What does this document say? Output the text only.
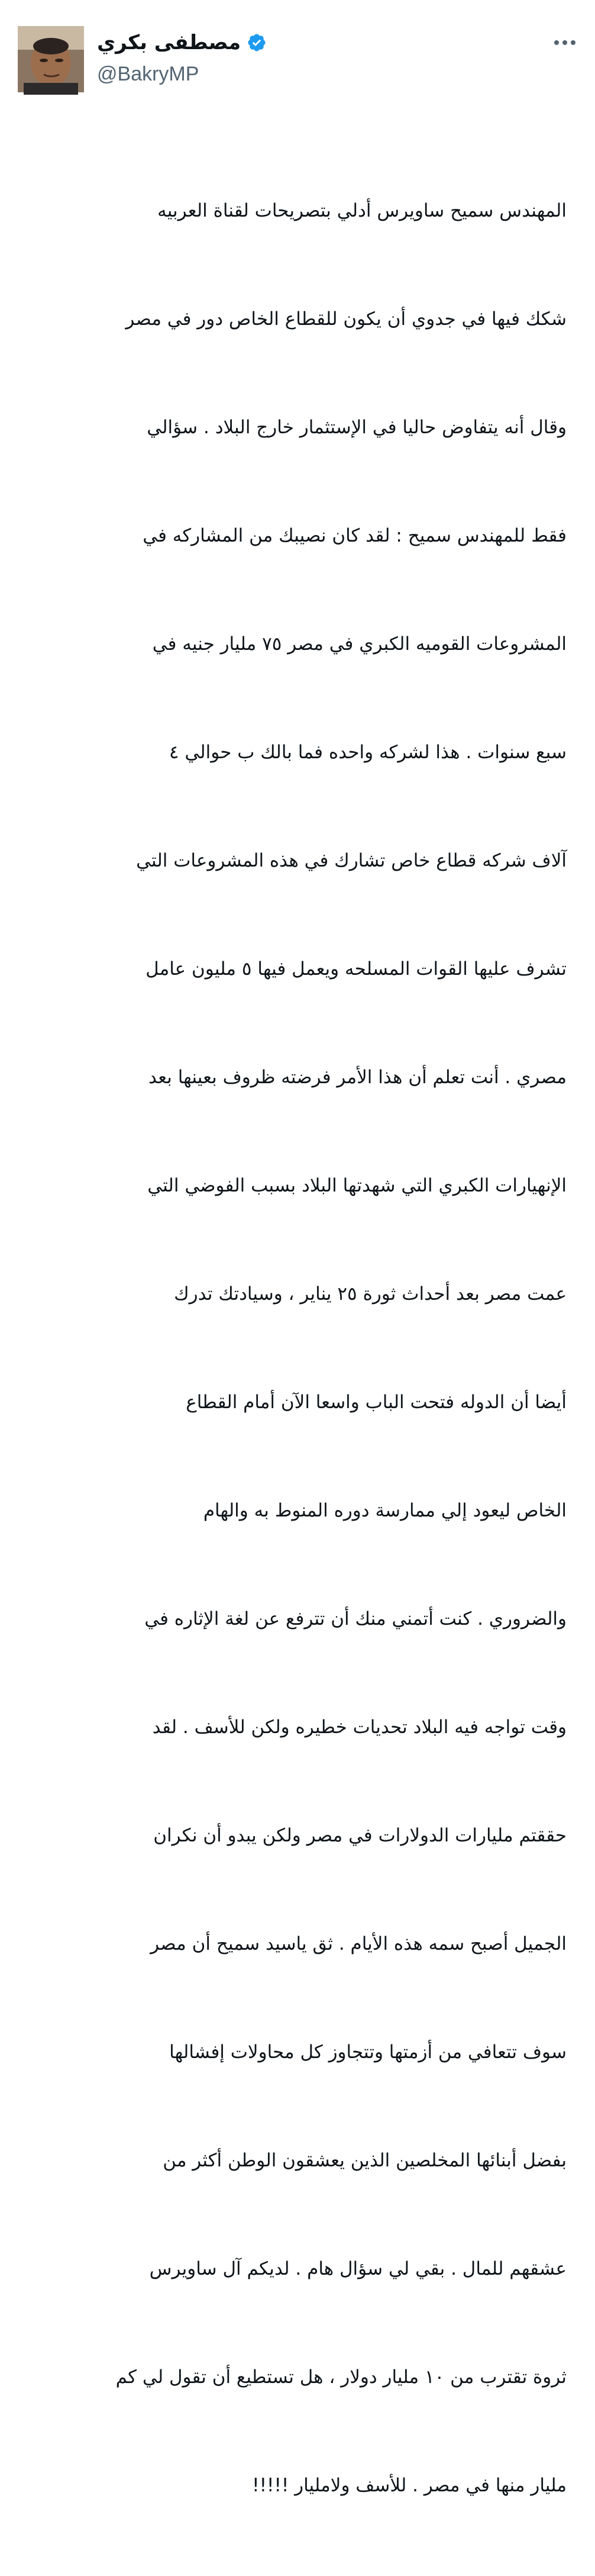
مصطفى بكري
@BakryMP

المهندس سميح ساويرس أدلي بتصريحات لقناة العربيه

شكك فيها في جدوي أن يكون للقطاع الخاص دور في مصر

وقال أنه يتفاوض حاليا في الإستثمار خارج البلاد . سؤالي

فقط للمهندس سميح : لقد كان نصيبك من المشاركه في

المشروعات القوميه الكبري في مصر ٧٥ مليار جنيه في

سبع سنوات . هذا لشركه واحده فما بالك ب حوالي ٤

آلاف شركه قطاع خاص تشارك في هذه المشروعات التي

تشرف عليها القوات المسلحه ويعمل فيها ٥ مليون عامل

مصري . أنت تعلم أن هذا الأمر فرضته ظروف بعينها بعد

الإنهيارات الكبري التي شهدتها البلاد بسبب الفوضي التي

عمت مصر بعد أحداث ثورة ٢٥ يناير ، وسيادتك تدرك

أيضا أن الدوله فتحت الباب واسعا الآن أمام القطاع

الخاص ليعود إلي ممارسة دوره المنوط به والهام

والضروري . كنت أتمني منك أن تترفع عن لغة الإثاره في

وقت تواجه فيه البلاد تحديات خطيره ولكن للأسف . لقد

حققتم مليارات الدولارات في مصر ولكن يبدو أن نكران

الجميل أصبح سمه هذه الأيام . ثق ياسيد سميح أن مصر

سوف تتعافي من أزمتها وتتجاوز كل محاولات إفشالها

بفضل أبنائها المخلصين الذين يعشقون الوطن أكثر من

عشقهم للمال . بقي لي سؤال هام . لديكم آل ساويرس

ثروة تقترب من ١٠ مليار دولار ، هل تستطيع أن تقول لي كم

مليار منها في مصر . للأسف ولامليار !!!!!
